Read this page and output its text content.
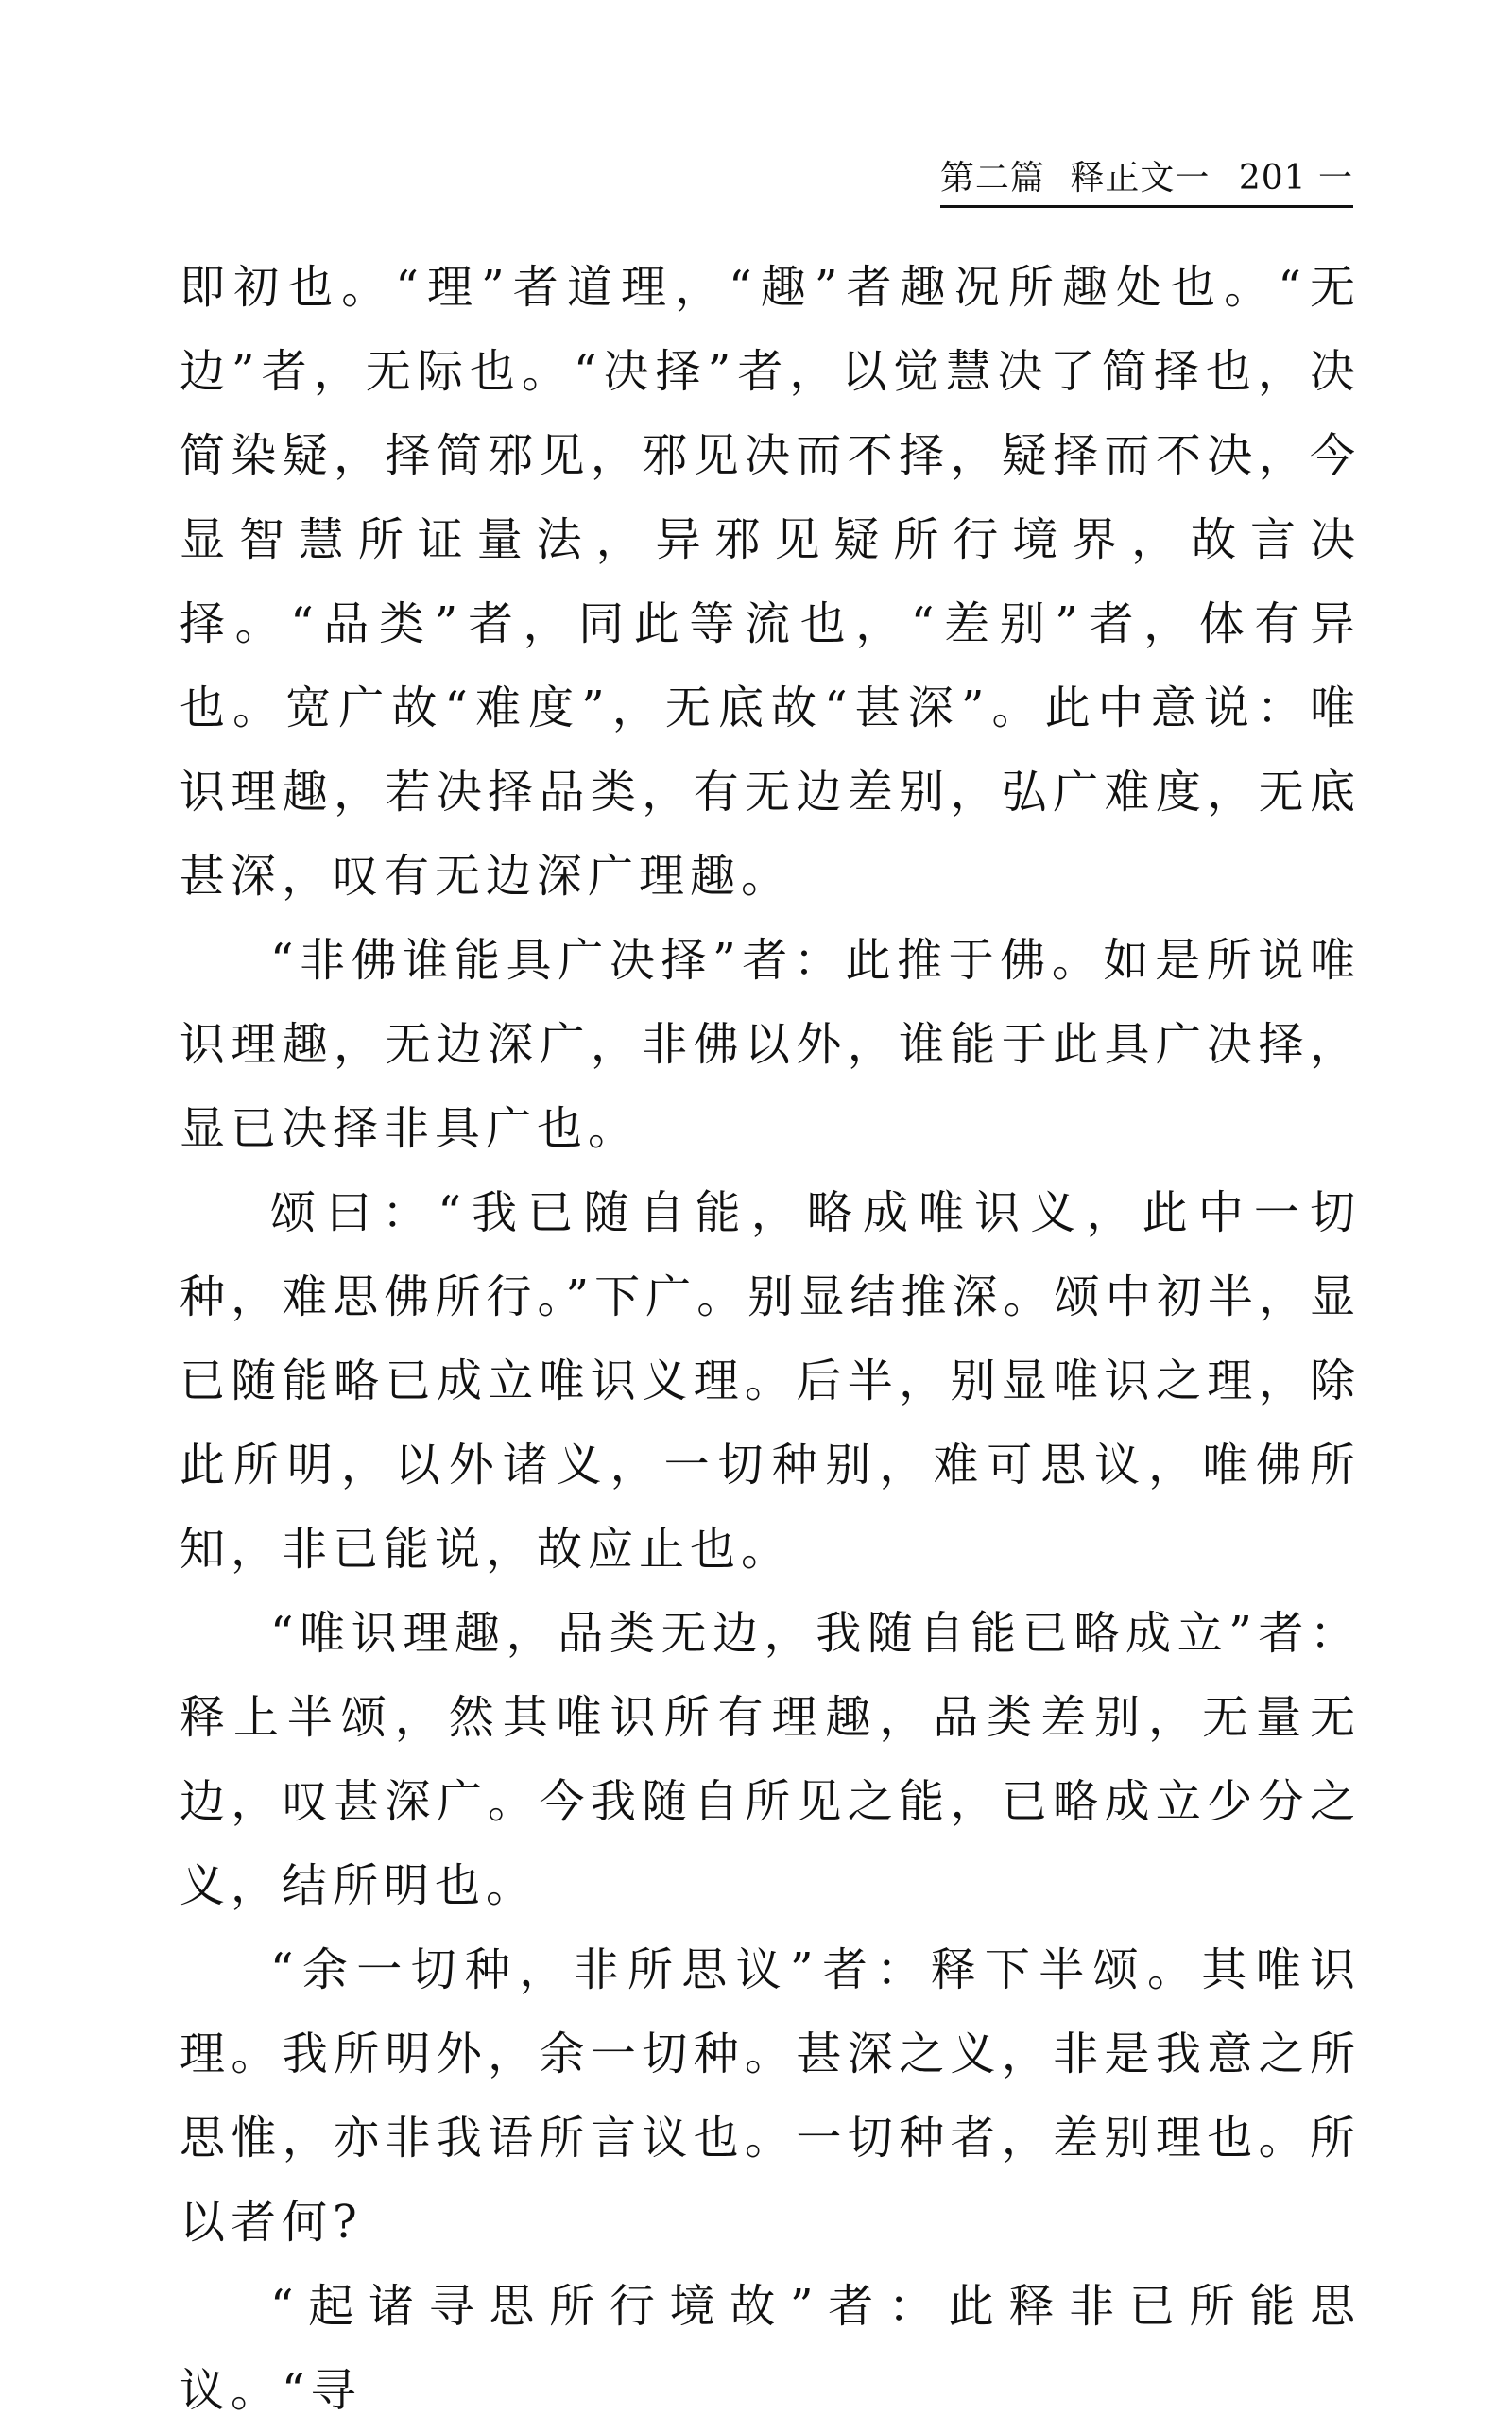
第二篇 释正文一 201 一

即初也。“理”者道理，“趣”者趣况所趣处也。“无边”者，无际也。“决择”者，以觉慧决了简择也，决简染疑，择简邪见，邪见决而不择，疑择而不决，今显智慧所证量法，异邪见疑所行境界，故言决择。“品类”者，同此等流也，“差别”者，体有异也。宽广故“难度”，无底故“甚深”。此中意说：唯识理趣，若决择品类，有无边差别，弘广难度，无底甚深，叹有无边深广理趣。

“非佛谁能具广决择”者：此推于佛。如是所说唯识理趣，无边深广，非佛以外，谁能于此具广决择，显已决择非具广也。

颂曰：“我已随自能，略成唯识义，此中一切种，难思佛所行。”下广。别显结推深。颂中初半，显已随能略已成立唯识义理。后半，别显唯识之理，除此所明，以外诸义，一切种别，难可思议，唯佛所知，非已能说，故应止也。

“唯识理趣，品类无边，我随自能已略成立”者：释上半颂，然其唯识所有理趣，品类差别，无量无边，叹甚深广。今我随自所见之能，已略成立少分之义，结所明也。

“余一切种，非所思议”者：释下半颂。其唯识理。我所明外，余一切种。甚深之义，非是我意之所思惟，亦非我语所言议也。一切种者，差别理也。所以者何?

“起诸寻思所行境故”者：此释非已所能思议。“寻
